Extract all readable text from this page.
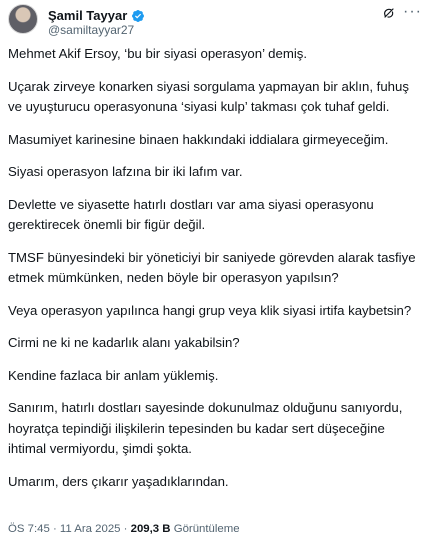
Şamil Tayyar
@samiltayyar27
···

Mehmet Akif Ersoy, ‘bu bir siyasi operasyon’ demiş.

Uçarak zirveye konarken siyasi sorgulama yapmayan bir aklın, fuhuş ve uyuşturucu operasyonuna ‘siyasi kulp’ takması çok tuhaf geldi.

Masumiyet karinesine binaen hakkındaki iddialara girmeyeceğim.

Siyasi operasyon lafzına bir iki lafım var.

Devlette ve siyasette hatırlı dostları var ama siyasi operasyonu gerektirecek önemli bir figür değil.

TMSF bünyesindeki bir yöneticiyi bir saniyede görevden alarak tasfiye etmek mümkünken, neden böyle bir operasyon yapılsın?

Veya operasyon yapılınca hangi grup veya klik siyasi irtifa kaybetsin?

Cirmi ne ki ne kadarlık alanı yakabilsin?

Kendine fazlaca bir anlam yüklemiş.

Sanırım, hatırlı dostları sayesinde dokunulmaz olduğunu sanıyordu, hoyratça tepindiği ilişkilerin tepesinden bu kadar sert düşeceğine ihtimal vermiyordu, şimdi şokta.

Umarım, ders çıkarır yaşadıklarından.

ÖS 7:45 · 11 Ara 2025 · 209,3 B Görüntüleme
